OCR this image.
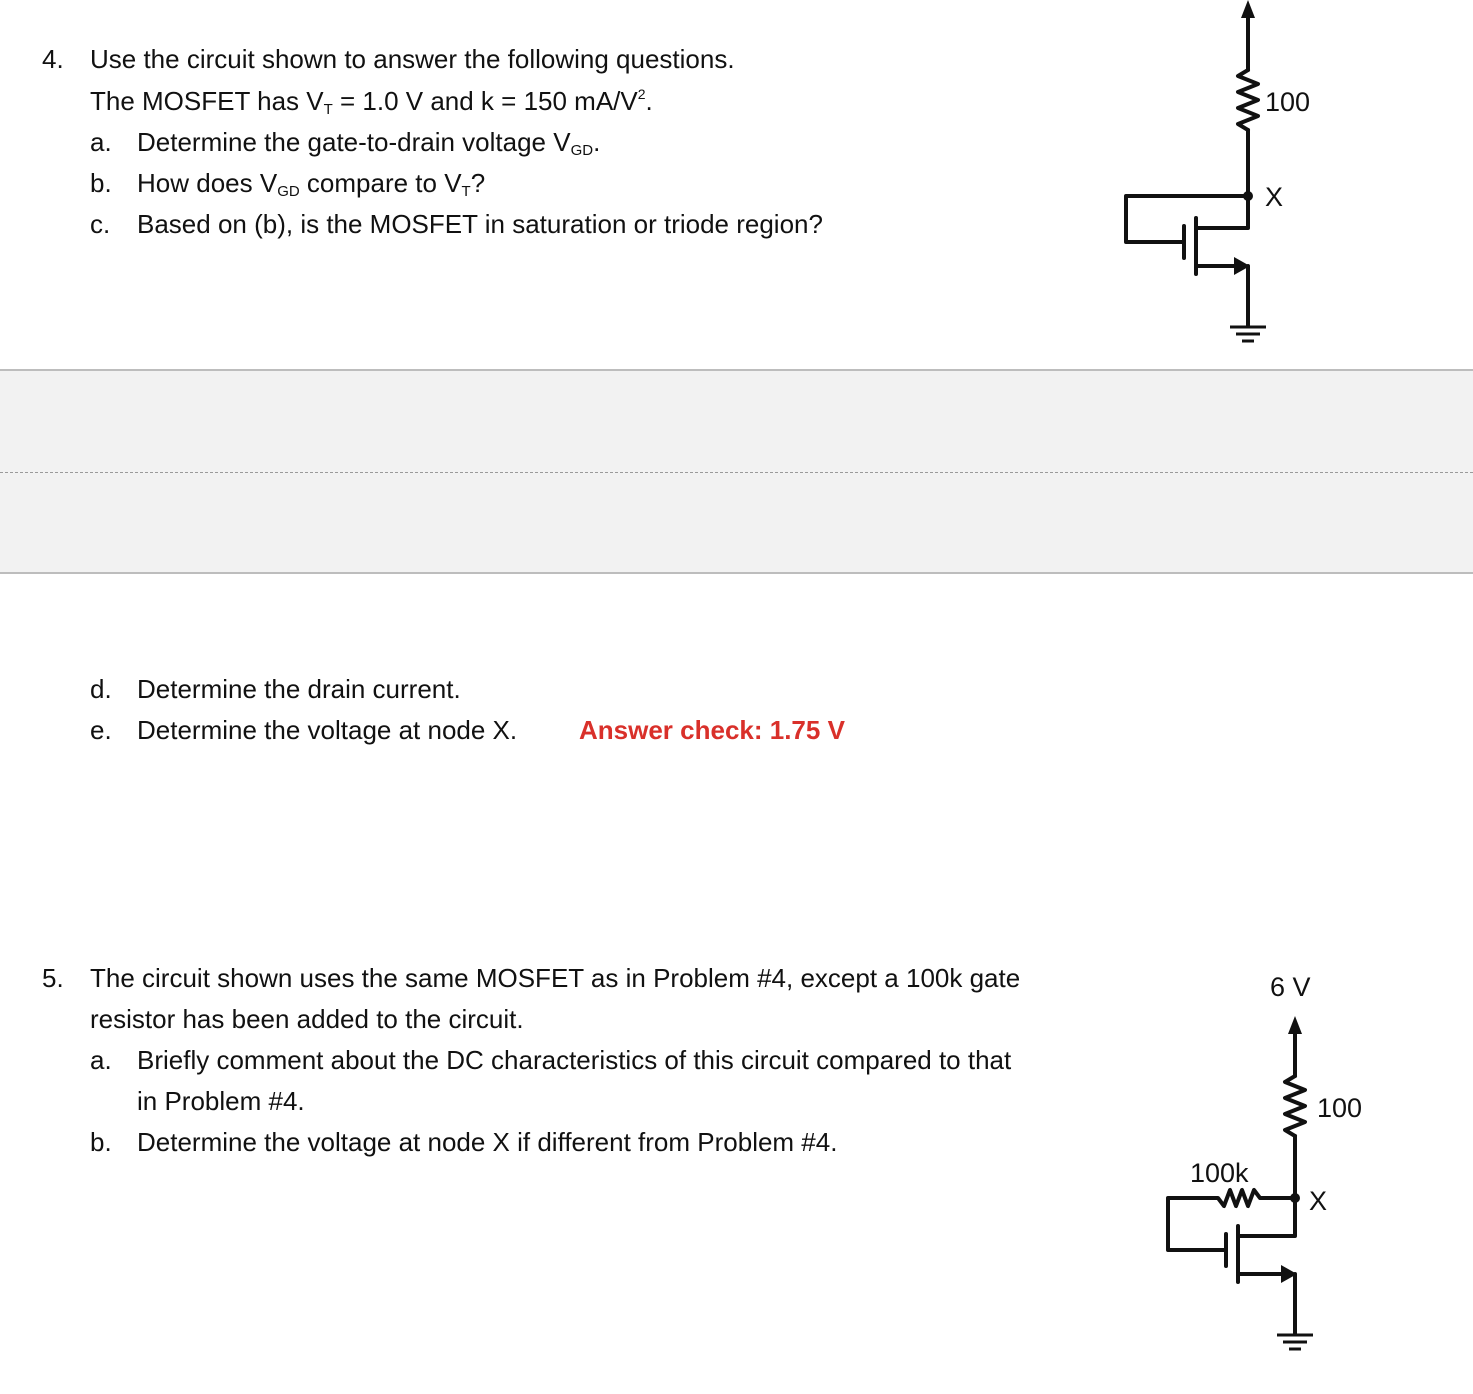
4. Use the circuit shown to answer the following questions.
The MOSFET has $V_T = 1.0$ V and k = 150 $mA/V^2$.
a. Determine the gate-to-drain voltage $V_{GD}$.
b. How does $V_{GD}$ compare to $V_T$?
c. Based on (b), is the MOSFET in saturation or triode region?
100
X
d. Determine the drain current.
e. Determine the voltage at node X. Answer check: 1.75 V
5. The circuit shown uses the same MOSFET as in Problem #4, except a 100k gate
resistor has been added to the circuit.
a. Briefly comment about the DC characteristics of this circuit compared to that
in Problem #4.
b. Determine the voltage at node X if different from Problem #4.
6 V
100
100k
X
